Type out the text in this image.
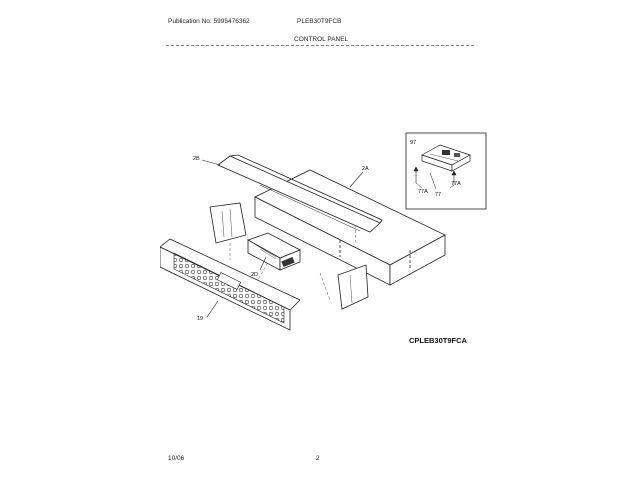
Publication No: 5995476362	PLEB30T9FCB
CONTROL PANEL
2B
2A
2D
19
97
77A
77A
77
CPLEB30T9FCA
10/06	2
